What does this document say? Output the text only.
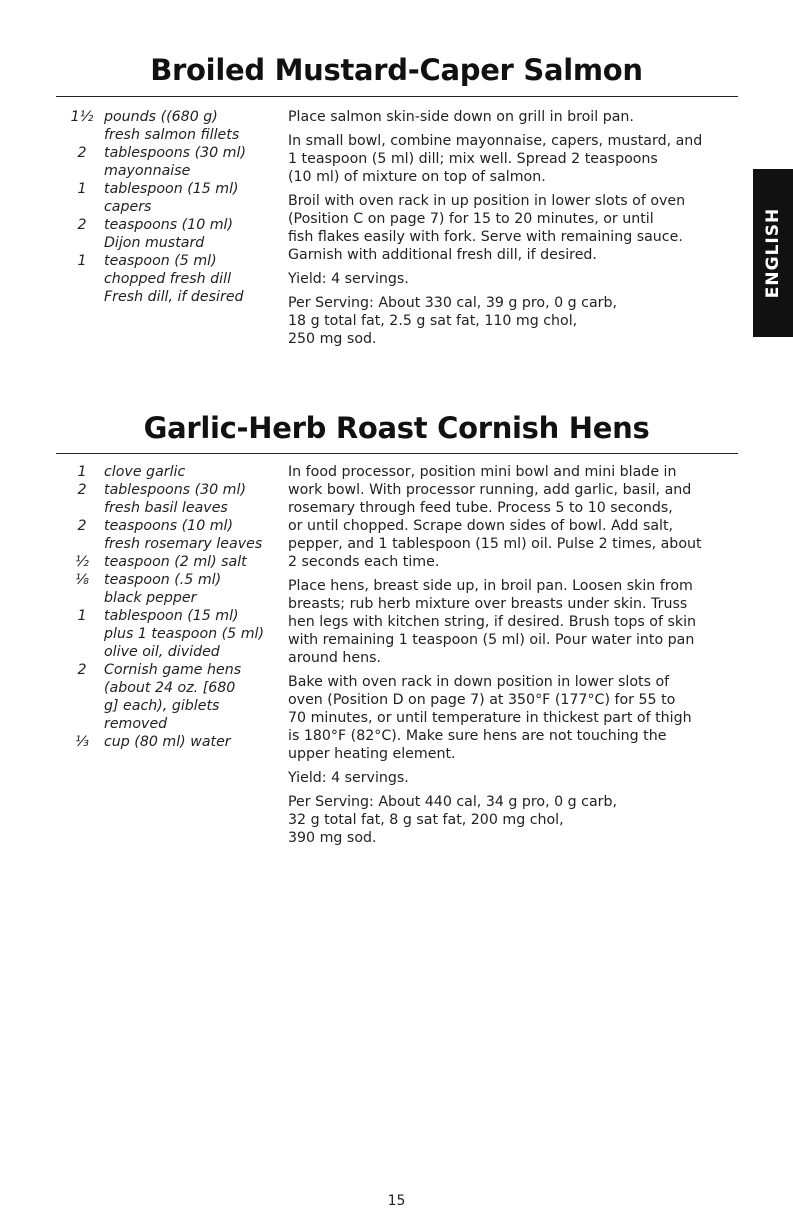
Broiled Mustard-Caper Salmon
1½ pounds ((680 g)
fresh salmon fillets
2	tablespoons (30 ml)
mayonnaise
1	tablespoon (15 ml)
capers
2	teaspoons (10 ml)
Dijon mustard
1	teaspoon (5 ml)
chopped fresh dill
Fresh dill, if desired

Place salmon skin-side down on grill in broil pan.

In small bowl, combine mayonnaise, capers, mustard, and
1 teaspoon (5 ml) dill; mix well. Spread 2 teaspoons
(10 ml) of mixture on top of salmon.

Broil with oven rack in up position in lower slots of oven
(Position C on page 7) for 15 to 20 minutes, or until
fish flakes easily with fork. Serve with remaining sauce.
Garnish with additional fresh dill, if desired.

Yield: 4 servings.

Per Serving: About 330 cal, 39 g pro, 0 g carb,
18 g total fat, 2.5 g sat fat, 110 mg chol,
250 mg sod.

Garlic-Herb Roast Cornish Hens
1	clove garlic
2	tablespoons (30 ml)
fresh basil leaves
2	teaspoons (10 ml)
fresh rosemary leaves
½	teaspoon (2 ml) salt
⅛	teaspoon (.5 ml)
black pepper
1	tablespoon (15 ml)
plus 1 teaspoon (5 ml)
olive oil, divided
2	Cornish game hens
(about 24 oz. [680
g] each), giblets
removed
⅓	cup (80 ml) water

In food processor, position mini bowl and mini blade in
work bowl. With processor running, add garlic, basil, and
rosemary through feed tube. Process 5 to 10 seconds,
or until chopped. Scrape down sides of bowl. Add salt,
pepper, and 1 tablespoon (15 ml) oil. Pulse 2 times, about
2 seconds each time.

Place hens, breast side up, in broil pan. Loosen skin from
breasts; rub herb mixture over breasts under skin. Truss
hen legs with kitchen string, if desired. Brush tops of skin
with remaining 1 teaspoon (5 ml) oil. Pour water into pan
around hens.

Bake with oven rack in down position in lower slots of
oven (Position D on page 7) at 350°F (177°C) for 55 to
70 minutes, or until temperature in thickest part of thigh
is 180°F (82°C). Make sure hens are not touching the
upper heating element.

Yield: 4 servings.

Per Serving: About 440 cal, 34 g pro, 0 g carb,
32 g total fat, 8 g sat fat, 200 mg chol,
390 mg sod.

ENGLISH
15
